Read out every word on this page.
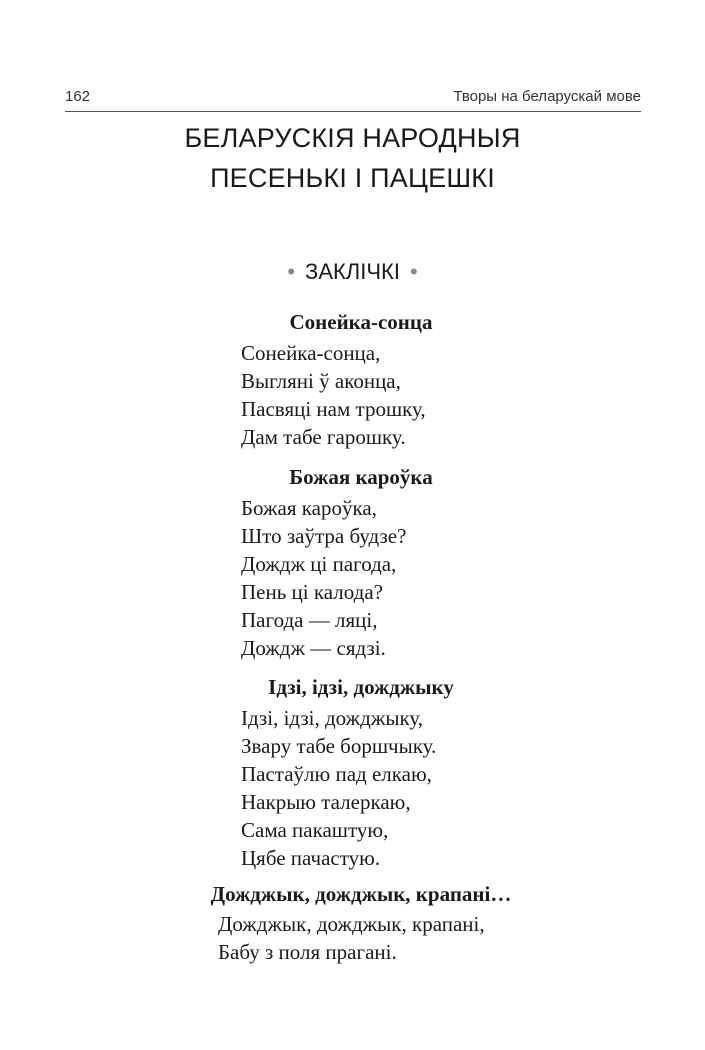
162	Творы на беларускай мове
БЕЛАРУСКІЯ НАРОДНЫЯ
ПЕСЕНЬКІ І ПАЦЕШКІ
• ЗАКЛІЧКІ •
Сонейка-сонца
Сонейка-сонца,
Выглянi ў аконца,
Пасвяцi нам трошку,
Дам табе гарошку.
Божая кароўка
Божая кароўка,
Што заўтра будзе?
Дождж цi пагода,
Пень цi калода?
Пагода — ляцi,
Дождж — сядзi.
Ідзі, ідзі, дожджыку
Ідзi, iдзi, дожджыку,
Звару табе боршчыку.
Пастаўлю пад елкаю,
Накрыю талеркаю,
Сама пакаштую,
Цябе пачастую.
Дожджык, дожджык, крапані…
Дожджык, дожджык, крапанi,
Бабу з поля прагані.
